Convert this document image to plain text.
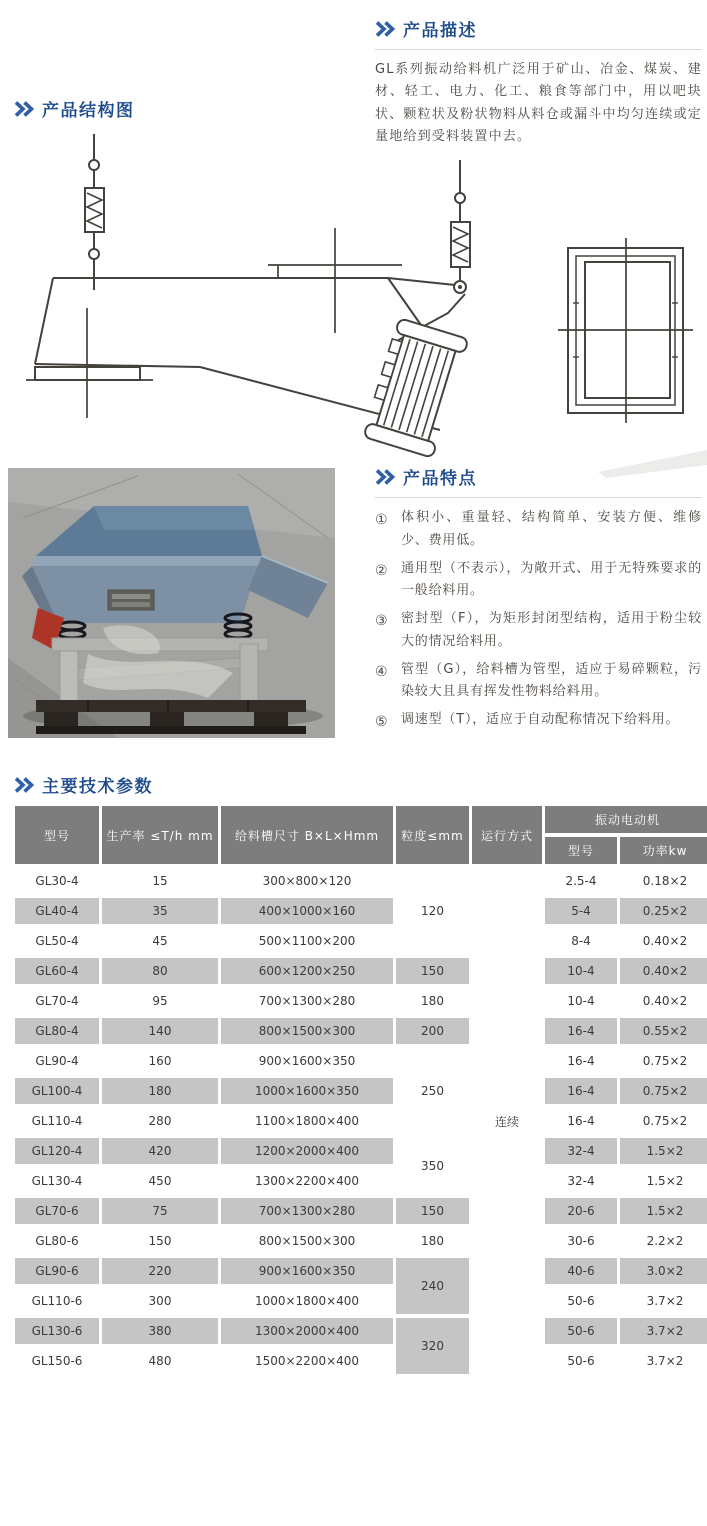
产品描述

GL系列振动给料机广泛用于矿山、冶金、煤炭、建材、轻工、电力、化工、粮食等部门中，用以吧块状、颗粒状及粉状物料从料仓或漏斗中均匀连续或定量地给到受料装置中去。

产品结构图
产品特点
①	体积小、重量轻、结构简单、安装方便、维修少、费用低。
②	通用型（不表示），为敞开式、用于无特殊要求的一般给料用。
③	密封型（F），为矩形封闭型结构，适用于粉尘较大的情况给料用。
④	管型（G），给料槽为管型，适应于易碎颗粒，污染较大且具有挥发性物料给料用。
⑤	调速型（T），适应于自动配称情况下给料用。
主要技术参数
型号	生产率 ≤T/h mm	给料槽尺寸 B×L×Hmm	粒度≤mm	运行方式	振动电动机	
					型号	功率kw
GL30-4	15	300×800×120	120	连续	2.5-4	0.18×2
GL40-4	35	400×1000×160			5-4	0.25×2
GL50-4	45	500×1100×200			8-4	0.40×2
GL60-4	80	600×1200×250	150		10-4	0.40×2
GL70-4	95	700×1300×280	180		10-4	0.40×2
GL80-4	140	800×1500×300	200		16-4	0.55×2
GL90-4	160	900×1600×350	250		16-4	0.75×2
GL100-4	180	1000×1600×350			16-4	0.75×2
GL110-4	280	1100×1800×400			16-4	0.75×2
GL120-4	420	1200×2000×400	350		32-4	1.5×2
GL130-4	450	1300×2200×400			32-4	1.5×2
GL70-6	75	700×1300×280	150		20-6	1.5×2
GL80-6	150	800×1500×300	180		30-6	2.2×2
GL90-6	220	900×1600×350	240		40-6	3.0×2
GL110-6	300	1000×1800×400			50-6	3.7×2
GL130-6	380	1300×2000×400	320		50-6	3.7×2
GL150-6	480	1500×2200×400			50-6	3.7×2
